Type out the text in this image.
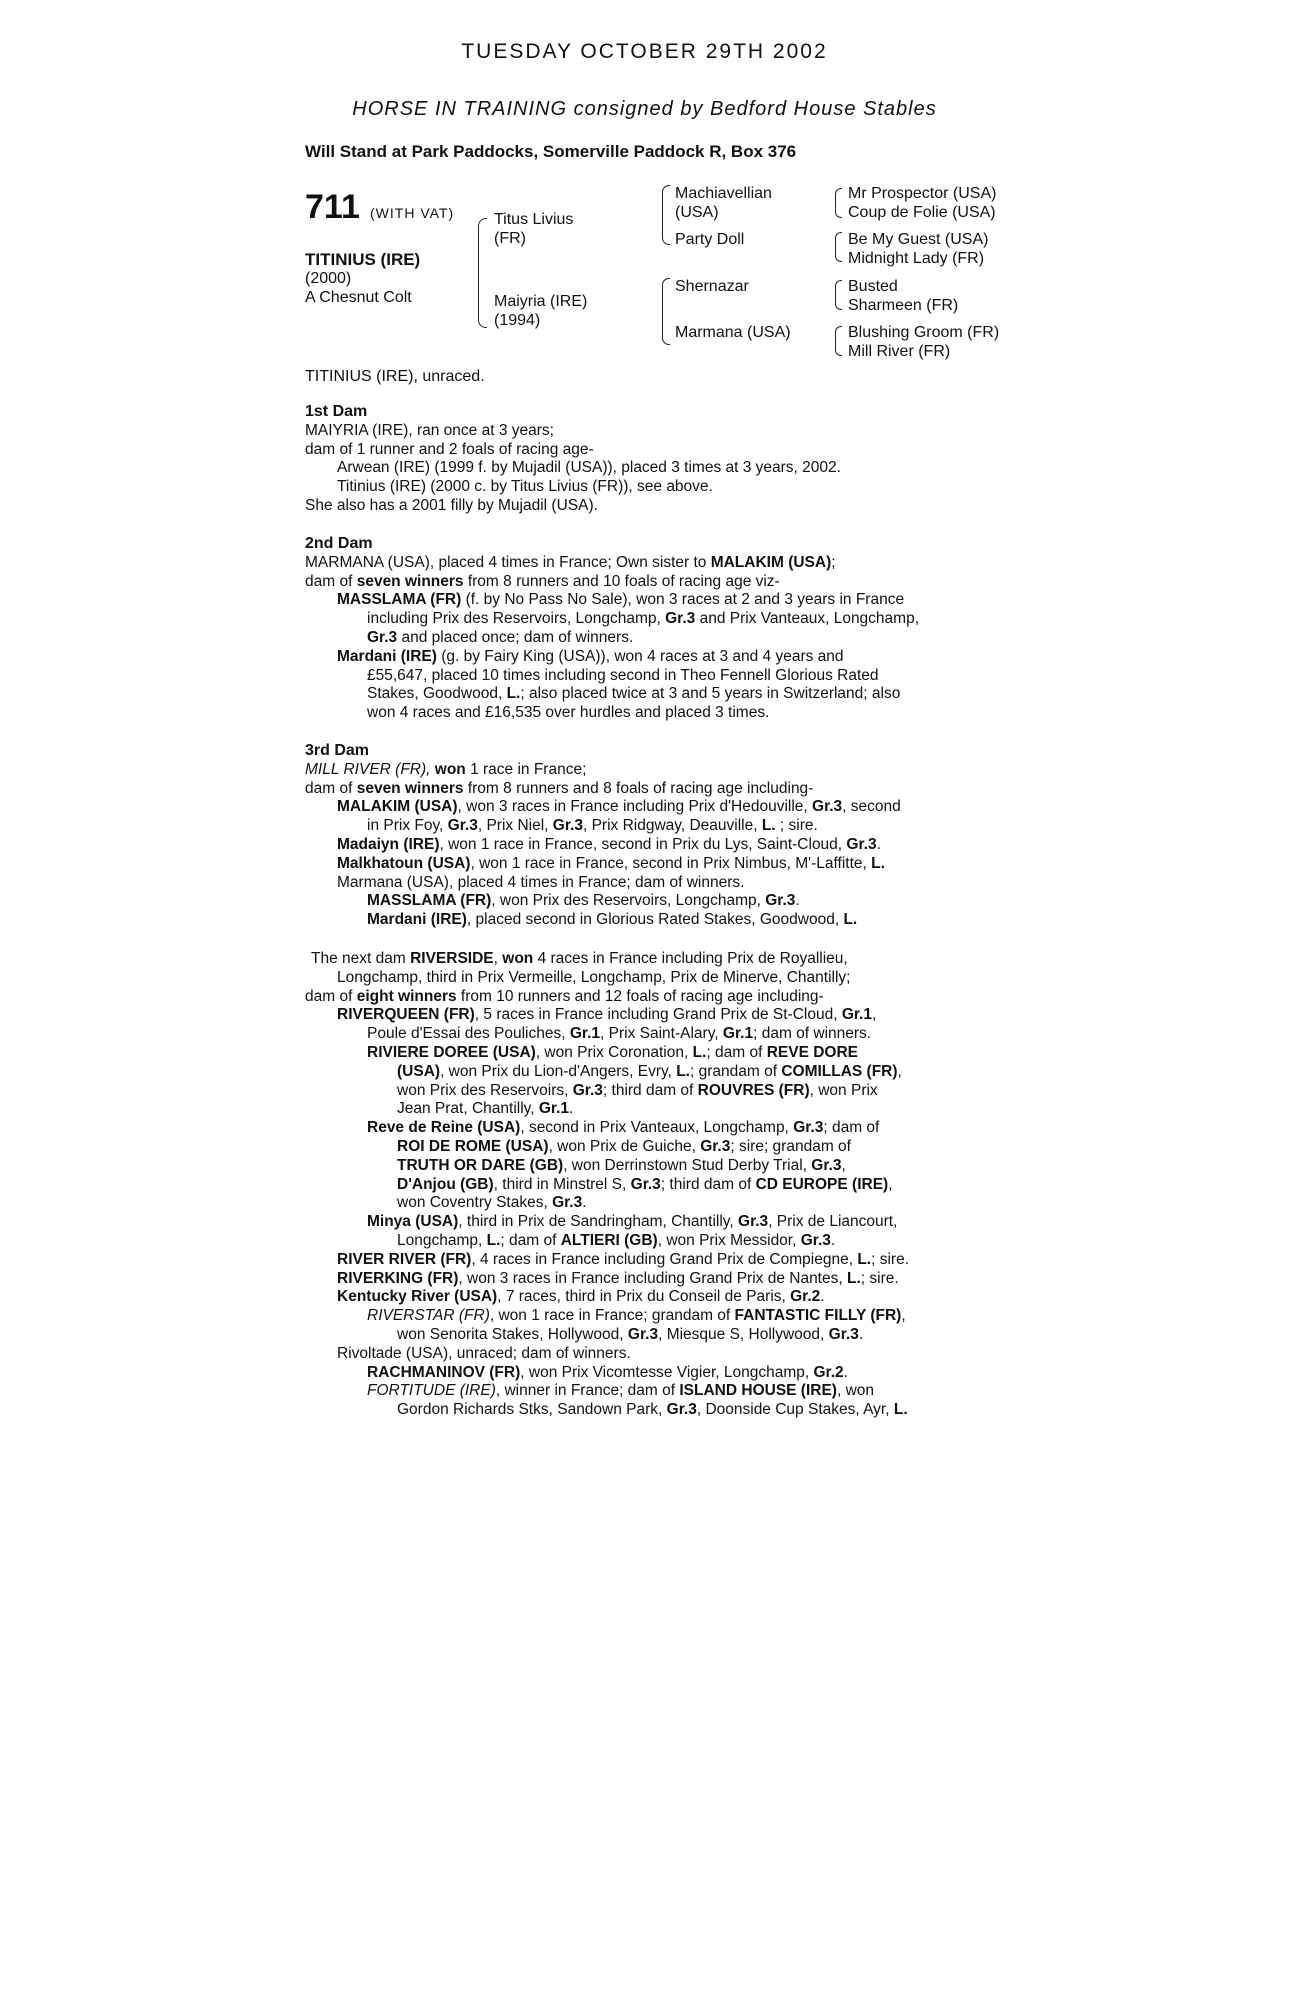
TUESDAY OCTOBER 29TH 2002
HORSE IN TRAINING consigned by Bedford House Stables
Will Stand at Park Paddocks, Somerville Paddock R, Box 376
711 (WITH VAT)
TITINIUS (IRE)
(2000)
A Chesnut Colt
Titus Livius
(FR)
Maiyria (IRE)
(1994)
Machiavellian
(USA)
Party Doll
Shernazar
Marmana (USA)
Mr Prospector (USA)
Coup de Folie (USA)
Be My Guest (USA)
Midnight Lady (FR)
Busted
Sharmeen (FR)
Blushing Groom (FR)
Mill River (FR)
TITINIUS (IRE), unraced.
1st Dam
MAIYRIA (IRE), ran once at 3 years;
dam of 1 runner and 2 foals of racing age-
Arwean (IRE) (1999 f. by Mujadil (USA)), placed 3 times at 3 years, 2002.
Titinius (IRE) (2000 c. by Titus Livius (FR)), see above.
She also has a 2001 filly by Mujadil (USA).
2nd Dam
MARMANA (USA), placed 4 times in France; Own sister to MALAKIM (USA);
dam of seven winners from 8 runners and 10 foals of racing age viz-
MASSLAMA (FR) (f. by No Pass No Sale), won 3 races at 2 and 3 years in France
including Prix des Reservoirs, Longchamp, Gr.3 and Prix Vanteaux, Longchamp,
Gr.3 and placed once; dam of winners.
Mardani (IRE) (g. by Fairy King (USA)), won 4 races at 3 and 4 years and
£55,647, placed 10 times including second in Theo Fennell Glorious Rated
Stakes, Goodwood, L.; also placed twice at 3 and 5 years in Switzerland; also
won 4 races and £16,535 over hurdles and placed 3 times.
3rd Dam
MILL RIVER (FR), won 1 race in France;
dam of seven winners from 8 runners and 8 foals of racing age including-
MALAKIM (USA), won 3 races in France including Prix d'Hedouville, Gr.3, second
in Prix Foy, Gr.3, Prix Niel, Gr.3, Prix Ridgway, Deauville, L. ; sire.
Madaiyn (IRE), won 1 race in France, second in Prix du Lys, Saint-Cloud, Gr.3.
Malkhatoun (USA), won 1 race in France, second in Prix Nimbus, M'-Laffitte, L.
Marmana (USA), placed 4 times in France; dam of winners.
MASSLAMA (FR), won Prix des Reservoirs, Longchamp, Gr.3.
Mardani (IRE), placed second in Glorious Rated Stakes, Goodwood, L.
The next dam RIVERSIDE, won 4 races in France including Prix de Royallieu,
Longchamp, third in Prix Vermeille, Longchamp, Prix de Minerve, Chantilly;
dam of eight winners from 10 runners and 12 foals of racing age including-
RIVERQUEEN (FR), 5 races in France including Grand Prix de St-Cloud, Gr.1,
Poule d'Essai des Pouliches, Gr.1, Prix Saint-Alary, Gr.1; dam of winners.
RIVIERE DOREE (USA), won Prix Coronation, L.; dam of REVE DORE
(USA), won Prix du Lion-d'Angers, Evry, L.; grandam of COMILLAS (FR),
won Prix des Reservoirs, Gr.3; third dam of ROUVRES (FR), won Prix
Jean Prat, Chantilly, Gr.1.
Reve de Reine (USA), second in Prix Vanteaux, Longchamp, Gr.3; dam of
ROI DE ROME (USA), won Prix de Guiche, Gr.3; sire; grandam of
TRUTH OR DARE (GB), won Derrinstown Stud Derby Trial, Gr.3,
D'Anjou (GB), third in Minstrel S, Gr.3; third dam of CD EUROPE (IRE),
won Coventry Stakes, Gr.3.
Minya (USA), third in Prix de Sandringham, Chantilly, Gr.3, Prix de Liancourt,
Longchamp, L.; dam of ALTIERI (GB), won Prix Messidor, Gr.3.
RIVER RIVER (FR), 4 races in France including Grand Prix de Compiegne, L.; sire.
RIVERKING (FR), won 3 races in France including Grand Prix de Nantes, L.; sire.
Kentucky River (USA), 7 races, third in Prix du Conseil de Paris, Gr.2.
RIVERSTAR (FR), won 1 race in France; grandam of FANTASTIC FILLY (FR),
won Senorita Stakes, Hollywood, Gr.3, Miesque S, Hollywood, Gr.3.
Rivoltade (USA), unraced; dam of winners.
RACHMANINOV (FR), won Prix Vicomtesse Vigier, Longchamp, Gr.2.
FORTITUDE (IRE), winner in France; dam of ISLAND HOUSE (IRE), won
Gordon Richards Stks, Sandown Park, Gr.3, Doonside Cup Stakes, Ayr, L.
